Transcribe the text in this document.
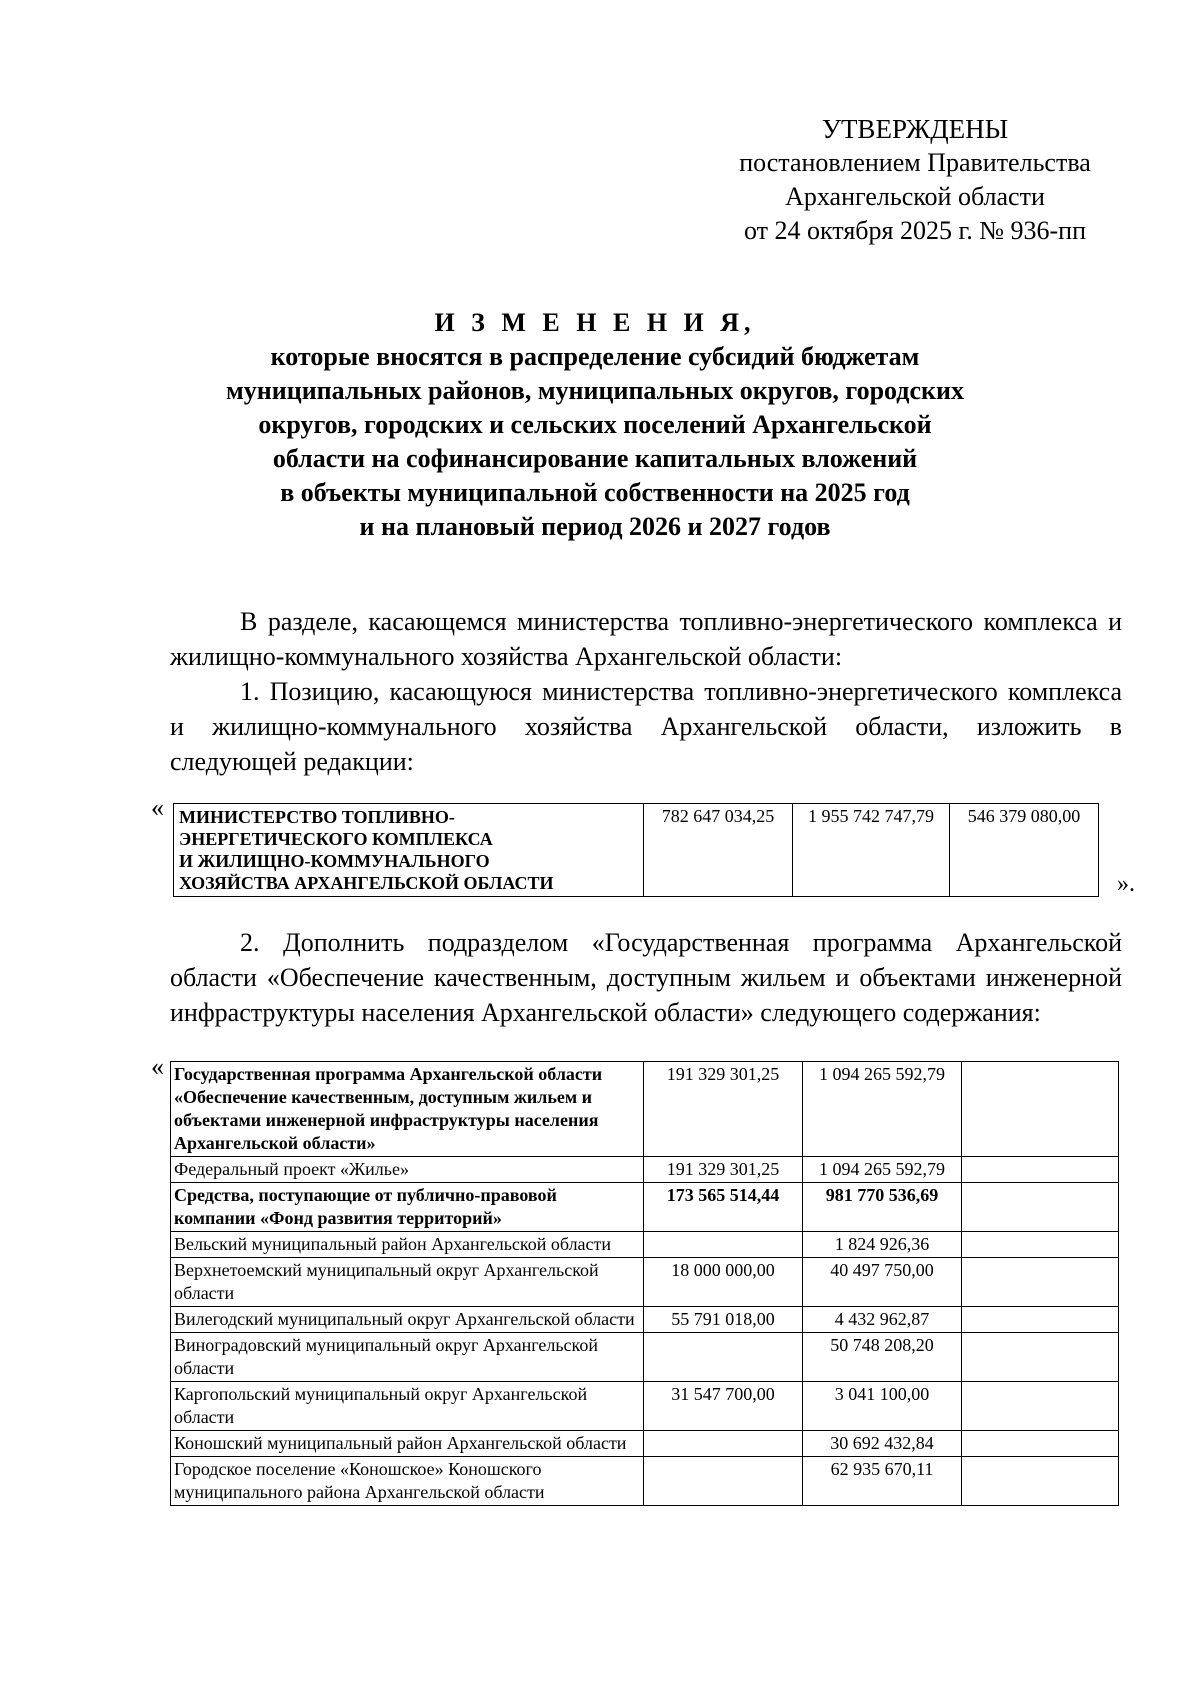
УТВЕРЖДЕНЫ
постановлением Правительства
Архангельской области
от 24 октября 2025 г. № 936-пп
И З М Е Н Е Н И Я,
которые вносятся в распределение субсидий бюджетам
муниципальных районов, муниципальных округов, городских
округов, городских и сельских поселений Архангельской
области на софинансирование капитальных вложений
в объекты муниципальной собственности на 2025 год
и на плановый период 2026 и 2027 годов
В разделе, касающемся министерства топливно-энергетического комплекса и жилищно-коммунального хозяйства Архангельской области:
1. Позицию, касающуюся министерства топливно-энергетического комплекса и жилищно-коммунального хозяйства Архангельской области, изложить в следующей редакции:
« МИНИСТЕРСТВО ТОПЛИВНО-
ЭНЕРГЕТИЧЕСКОГО КОМПЛЕКСА
И ЖИЛИЩНО-КОММУНАЛЬНОГО
ХОЗЯЙСТВА АРХАНГЕЛЬСКОЙ ОБЛАСТИ
	782 647 034,25	1 955 742 747,79	546 379 080,00
».
2. Дополнить подразделом «Государственная программа Архангельской области «Обеспечение качественным, доступным жильем и объектами инженерной инфраструктуры населения Архангельской области» следующего содержания:
« Государственная программа Архангельской области «Обеспечение качественным, доступным жильем и объектами инженерной инфраструктуры населения Архангельской области»	191 329 301,25	1 094 265 592,79	
Федеральный проект «Жилье»	191 329 301,25	1 094 265 592,79	
Средства, поступающие от публично-правовой компании «Фонд развития территорий»	173 565 514,44	981 770 536,69	
Вельский муниципальный район Архангельской области		1 824 926,36	
Верхнетоемский муниципальный округ Архангельской области	18 000 000,00	40 497 750,00	
Вилегодский муниципальный округ Архангельской области	55 791 018,00	4 432 962,87	
Виноградовский муниципальный округ Архангельской области		50 748 208,20	
Каргопольский муниципальный округ Архангельской области	31 547 700,00	3 041 100,00	
Коношский муниципальный район Архангельской области		30 692 432,84	
Городское поселение «Коношское» Коношского муниципального района Архангельской области		62 935 670,11	
